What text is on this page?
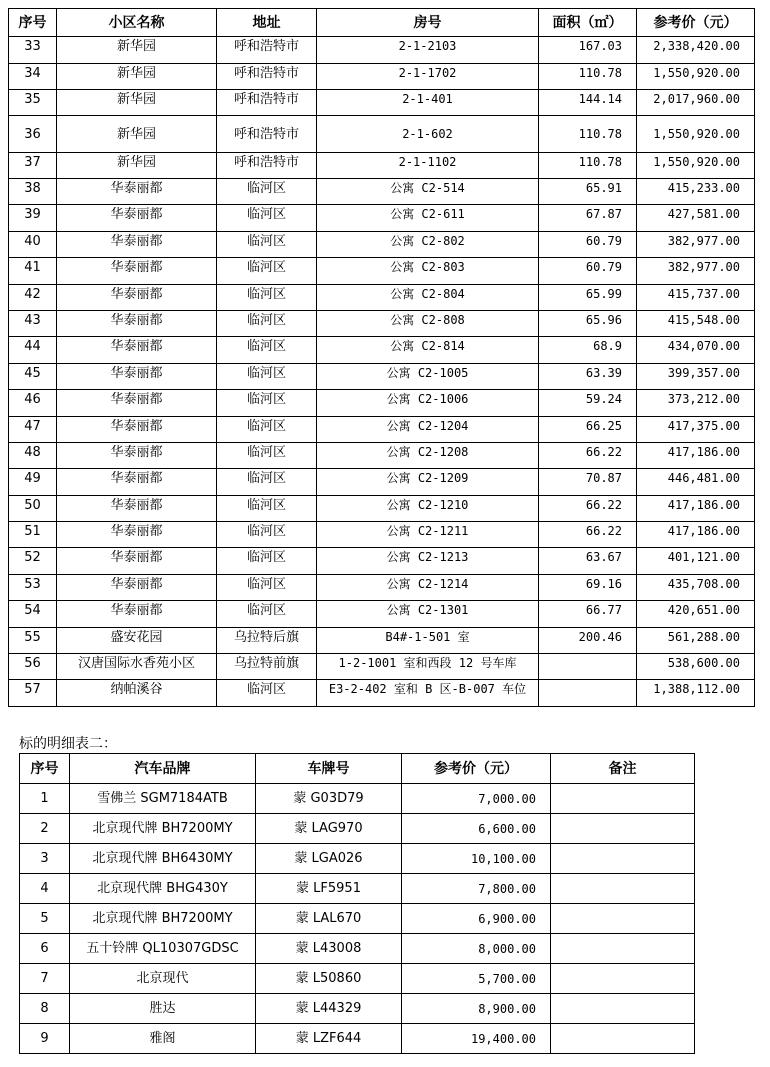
序号	小区名称	地址	房号	面积（㎡）	参考价（元）
33	新华园	呼和浩特市	2-1-2103	167.03	2,338,420.00
34	新华园	呼和浩特市	2-1-1702	110.78	1,550,920.00
35	新华园	呼和浩特市	2-1-401	144.14	2,017,960.00
36	新华园	呼和浩特市	2-1-602	110.78	1,550,920.00
37	新华园	呼和浩特市	2-1-1102	110.78	1,550,920.00
38	华泰丽都	临河区	公寓 C2-514	65.91	415,233.00
39	华泰丽都	临河区	公寓 C2-611	67.87	427,581.00
40	华泰丽都	临河区	公寓 C2-802	60.79	382,977.00
41	华泰丽都	临河区	公寓 C2-803	60.79	382,977.00
42	华泰丽都	临河区	公寓 C2-804	65.99	415,737.00
43	华泰丽都	临河区	公寓 C2-808	65.96	415,548.00
44	华泰丽都	临河区	公寓 C2-814	68.9	434,070.00
45	华泰丽都	临河区	公寓 C2-1005	63.39	399,357.00
46	华泰丽都	临河区	公寓 C2-1006	59.24	373,212.00
47	华泰丽都	临河区	公寓 C2-1204	66.25	417,375.00
48	华泰丽都	临河区	公寓 C2-1208	66.22	417,186.00
49	华泰丽都	临河区	公寓 C2-1209	70.87	446,481.00
50	华泰丽都	临河区	公寓 C2-1210	66.22	417,186.00
51	华泰丽都	临河区	公寓 C2-1211	66.22	417,186.00
52	华泰丽都	临河区	公寓 C2-1213	63.67	401,121.00
53	华泰丽都	临河区	公寓 C2-1214	69.16	435,708.00
54	华泰丽都	临河区	公寓 C2-1301	66.77	420,651.00
55	盛安花园	乌拉特后旗	B4#-1-501 室	200.46	561,288.00
56	汉唐国际水香苑小区	乌拉特前旗	1-2-1001 室和西段 12 号车库		538,600.00
57	纳帕溪谷	临河区	E3-2-402 室和 B 区-B-007 车位		1,388,112.00
标的明细表二：
序号	汽车品牌	车牌号	参考价（元）	备注
1	雪佛兰 SGM7184ATB	蒙 G03D79	7,000.00	
2	北京现代牌 BH7200MY	蒙 LAG970	6,600.00	
3	北京现代牌 BH6430MY	蒙 LGA026	10,100.00	
4	北京现代牌 BHG430Y	蒙 LF5951	7,800.00	
5	北京现代牌 BH7200MY	蒙 LAL670	6,900.00	
6	五十铃牌 QL10307GDSC	蒙 L43008	8,000.00	
7	北京现代	蒙 L50860	5,700.00	
8	胜达	蒙 L44329	8,900.00	
9	雅阁	蒙 LZF644	19,400.00	
